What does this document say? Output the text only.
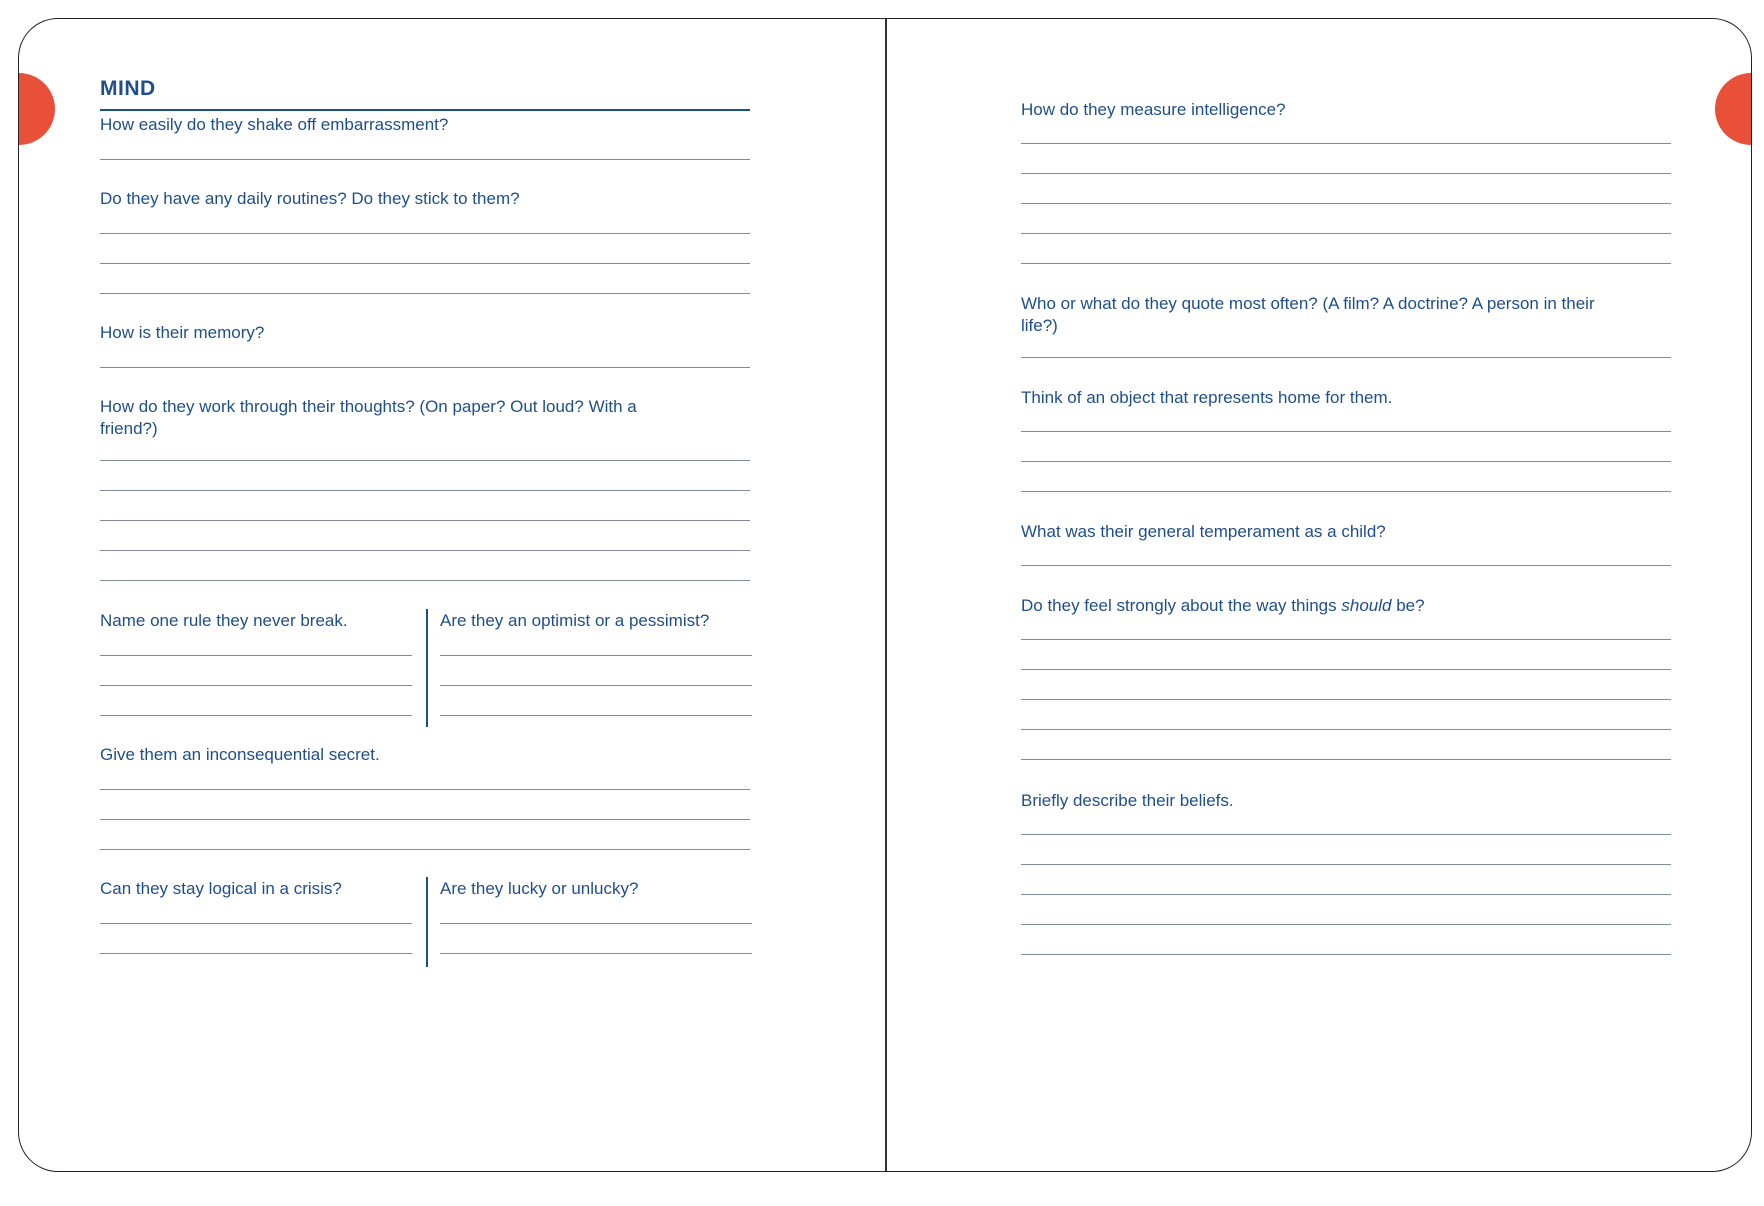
MIND
How easily do they shake off embarrassment?
Do they have any daily routines? Do they stick to them?
How is their memory?
How do they work through their thoughts? (On paper? Out loud? With a friend?)
Name one rule they never break.	Are they an optimist or a pessimist?
Give them an inconsequential secret.
Can they stay logical in a crisis?	Are they lucky or unlucky?
How do they measure intelligence?
Who or what do they quote most often? (A film? A doctrine? A person in their life?)
Think of an object that represents home for them.
What was their general temperament as a child?
Do they feel strongly about the way things should be?
Briefly describe their beliefs.
